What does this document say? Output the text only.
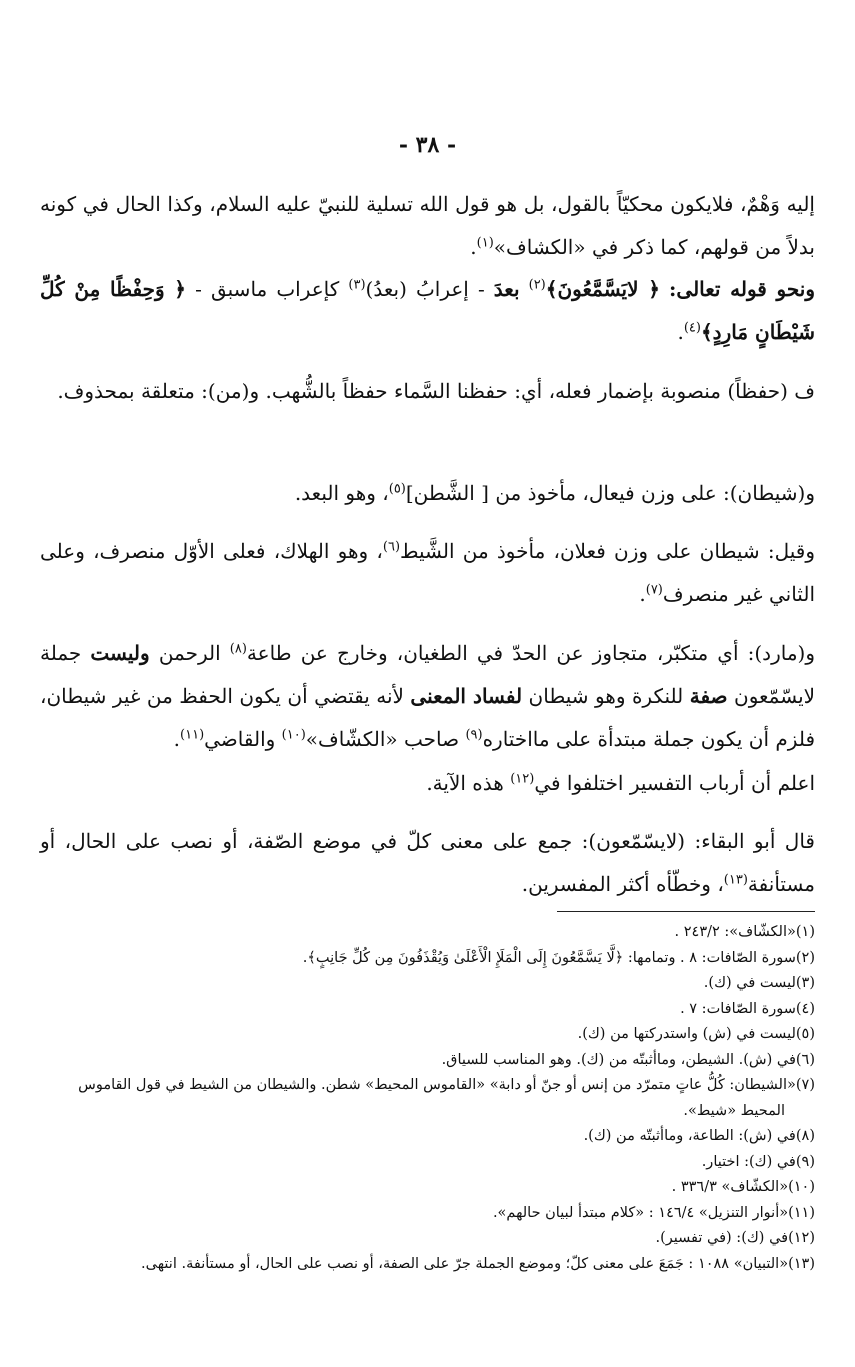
- ٣٨ -
إليه وَهْمٌ، فلايكون محكيّاً بالقول، بل هو قول الله تسلية للنبيّ عليه السلام، وكذا الحال في كونه بدلاً من قولهم، كما ذكر في «الكشاف»$^{(١)}$.
ونحو قوله تعالى: ﴿ لايَسَّمَّعُونَ﴾$^{(٢)}$ بعدَ - إعرابُ (بعدُ)$^{(٣)}$ كإعراب ماسبق - ﴿ وَحِفْظًا مِنْ كُلِّ شَيْطَانٍ مَارِدٍ﴾$^{(٤)}$.
ف (حفظاً) منصوبة بإضمار فعله، أي: حفظنا السَّماء حفظاً بالشُّهب. و(من): متعلقة بمحذوف.
و(شيطان): على وزن فيعال، مأخوذ من [ الشَّطن]$^{(٥)}$، وهو البعد.
وقيل: شيطان على وزن فعلان، مأخوذ من الشَّيط$^{(٦)}$، وهو الهلاك، فعلى الأوّل منصرف، وعلى الثاني غير منصرف$^{(٧)}$.
و(مارد): أي متكبّر، متجاوز عن الحدّ في الطغيان، وخارج عن طاعة$^{(٨)}$ الرحمن وليست جملة لايسّمّعون صفة للنكرة وهو شيطان لفساد المعنى لأنه يقتضي أن يكون الحفظ من غير شيطان، فلزم أن يكون جملة مبتدأة على مااختاره$^{(٩)}$ صاحب «الكشّاف»$^{(١٠)}$ والقاضي$^{(١١)}$.
اعلم أن أرباب التفسير اختلفوا في$^{(١٢)}$ هذه الآية.
قال أبو البقاء: (لايسّمّعون): جمع على معنى كلّ في موضع الصّفة، أو نصب على الحال، أو مستأنفة$^{(١٣)}$، وخطّأه أكثر المفسرين.

(١)«الكشّاف»: ٢٤٣/٢ .

(٢)سورة الصّافات: ٨ . وتمامها: ﴿لَّا يَسَّمَّعُونَ إِلَى الْمَلَإِ الْأَعْلَىٰ وَيُقْذَفُونَ مِن كُلِّ جَانِبٍ﴾.

(٣)ليست في (ك).

(٤)سورة الصّافات: ٧ .

(٥)ليست في (ش) واستدركتها من (ك).

(٦)في (ش). الشيطن، وماأثبتّه من (ك). وهو المناسب للسياق.

(٧)«الشيطان: كُلُّ عاتٍ متمرّد من إنس أو جنّ أو دابة» «القاموس المحيط» شطن. والشيطان من الشيط في قول القاموس المحيط «شيط».

(٨)في (ش): الطاعة، وماأثبتّه من (ك).

(٩)في (ك): اختيار.

(١٠)«الكشّاف» ٣٣٦/٣ .

(١١)«أنوار التنزيل» ١٤٦/٤ : «كلام مبتدأ لبيان حالهم».

(١٢)في (ك): (في تفسير).

(١٣)«التبيان» ١٠٨٨ : جَمَعَ على معنى كلّ؛ وموضع الجملة جرّ على الصفة، أو نصب على الحال، أو مستأنفة. انتهى.
